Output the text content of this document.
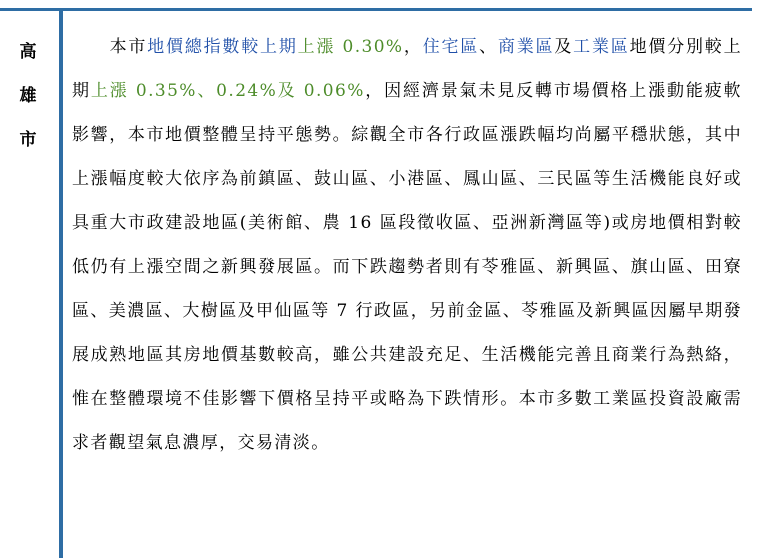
高
雄
市

　　本市地價總指數較上期上漲 0.30%，住宅區、商業區及工業區地價分別較上期上漲 0.35%、0.24%及 0.06%，因經濟景氣未見反轉市場價格上漲動能疲軟影響，本市地價整體呈持平態勢。綜觀全市各行政區漲跌幅均尚屬平穩狀態，其中上漲幅度較大依序為前鎮區、鼓山區、小港區、鳳山區、三民區等生活機能良好或具重大市政建設地區(美術館、農 16 區段徵收區、亞洲新灣區等)或房地價相對較低仍有上漲空間之新興發展區。而下跌趨勢者則有苓雅區、新興區、旗山區、田寮區、美濃區、大樹區及甲仙區等 7 行政區，另前金區、苓雅區及新興區因屬早期發展成熟地區其房地價基數較高，雖公共建設充足、生活機能完善且商業行為熱絡，惟在整體環境不佳影響下價格呈持平或略為下跌情形。本市多數工業區投資設廠需求者觀望氣息濃厚，交易清淡。
